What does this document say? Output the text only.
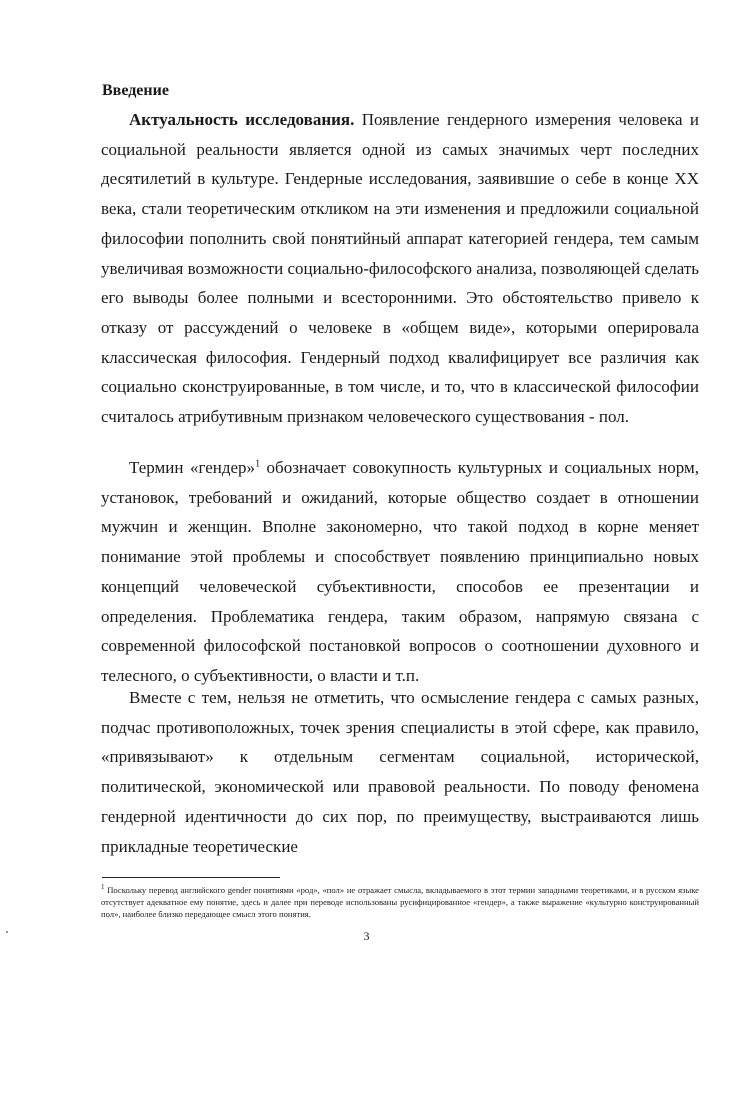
Введение

Актуальность исследования. Появление гендерного измерения человека и социальной реальности является одной из самых значимых черт последних десятилетий в культуре. Гендерные исследования, заявившие о себе в конце XX века, стали теоретическим откликом на эти изменения и предложили социальной философии пополнить свой понятийный аппарат категорией гендера, тем самым увеличивая возможности социально-философского анализа, позволяющей сделать его выводы более полными и всесторонними. Это обстоятельство привело к отказу от рассуждений о человеке в «общем виде», которыми оперировала классическая философия. Гендерный подход квалифицирует все различия как социально сконструированные, в том числе, и то, что в классической философии считалось атрибутивным признаком человеческого существования - пол.

Термин «гендер»$^1$ обозначает совокупность культурных и социальных норм, установок, требований и ожиданий, которые общество создает в отношении мужчин и женщин. Вполне закономерно, что такой подход в корне меняет понимание этой проблемы и способствует появлению принципиально новых концепций человеческой субъективности, способов ее презентации и определения. Проблематика гендера, таким образом, напрямую связана с современной философской постановкой вопросов о соотношении духовного и телесного, о субъективности, о власти и т.п.

Вместе с тем, нельзя не отметить, что осмысление гендера с самых разных, подчас противоположных, точек зрения специалисты в этой сфере, как правило, «привязывают» к отдельным сегментам социальной, исторической, политической, экономической или правовой реальности. По поводу феномена гендерной идентичности до сих пор, по преимуществу, выстраиваются лишь прикладные теоретические

$^1$ Поскольку перевод английского gender понятиями «род», «пол» не отражает смысла, вкладываемого в этот термин западными теоретиками, и в русском языке отсутствует адекватное ему понятие, здесь и далее при переводе использованы русифицированное «гендер», а также выражение «культурно конструированный пол», наиболее близко передающее смысл этого понятия.

3
